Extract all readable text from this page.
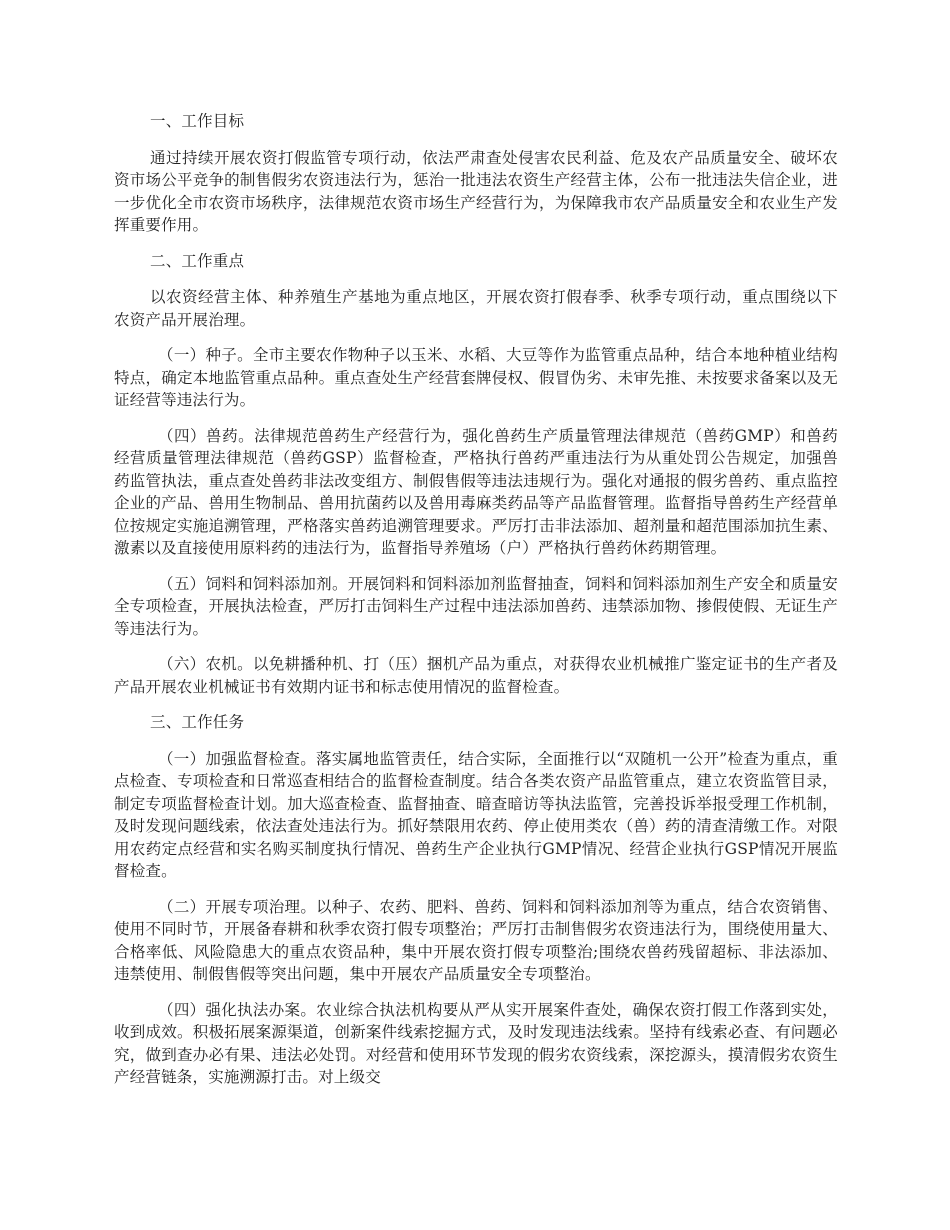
一、工作目标

通过持续开展农资打假监管专项行动，依法严肃查处侵害农民利益、危及农产品质量安全、破坏农资市场公平竞争的制售假劣农资违法行为，惩治一批违法农资生产经营主体，公布一批违法失信企业，进一步优化全市农资市场秩序，法律规范农资市场生产经营行为，为保障我市农产品质量安全和农业生产发挥重要作用。

二、工作重点

以农资经营主体、种养殖生产基地为重点地区，开展农资打假春季、秋季专项行动，重点围绕以下农资产品开展治理。

（一）种子。全市主要农作物种子以玉米、水稻、大豆等作为监管重点品种，结合本地种植业结构特点，确定本地监管重点品种。重点查处生产经营套牌侵权、假冒伪劣、未审先推、未按要求备案以及无证经营等违法行为。

（四）兽药。法律规范兽药生产经营行为，强化兽药生产质量管理法律规范（兽药GMP）和兽药经营质量管理法律规范（兽药GSP）监督检查，严格执行兽药严重违法行为从重处罚公告规定，加强兽药监管执法，重点查处兽药非法改变组方、制假售假等违法违规行为。强化对通报的假劣兽药、重点监控企业的产品、兽用生物制品、兽用抗菌药以及兽用毒麻类药品等产品监督管理。监督指导兽药生产经营单位按规定实施追溯管理，严格落实兽药追溯管理要求。严厉打击非法添加、超剂量和超范围添加抗生素、激素以及直接使用原料药的违法行为，监督指导养殖场（户）严格执行兽药休药期管理。

（五）饲料和饲料添加剂。开展饲料和饲料添加剂监督抽查，饲料和饲料添加剂生产安全和质量安全专项检查，开展执法检查，严厉打击饲料生产过程中违法添加兽药、违禁添加物、掺假使假、无证生产等违法行为。

（六）农机。以免耕播种机、打（压）捆机产品为重点，对获得农业机械推广鉴定证书的生产者及产品开展农业机械证书有效期内证书和标志使用情况的监督检查。

三、工作任务

（一）加强监督检查。落实属地监管责任，结合实际，全面推行以“双随机一公开”检查为重点，重点检查、专项检查和日常巡查相结合的监督检查制度。结合各类农资产品监管重点，建立农资监管目录，制定专项监督检查计划。加大巡查检查、监督抽查、暗查暗访等执法监管，完善投诉举报受理工作机制，及时发现问题线索，依法查处违法行为。抓好禁限用农药、停止使用类农（兽）药的清查清缴工作。对限用农药定点经营和实名购买制度执行情况、兽药生产企业执行GMP情况、经营企业执行GSP情况开展监督检查。

（二）开展专项治理。以种子、农药、肥料、兽药、饲料和饲料添加剂等为重点，结合农资销售、使用不同时节，开展备春耕和秋季农资打假专项整治；严厉打击制售假劣农资违法行为，围绕使用量大、合格率低、风险隐患大的重点农资品种，集中开展农资打假专项整治;围绕农兽药残留超标、非法添加、违禁使用、制假售假等突出问题，集中开展农产品质量安全专项整治。

（四）强化执法办案。农业综合执法机构要从严从实开展案件查处，确保农资打假工作落到实处，收到成效。积极拓展案源渠道，创新案件线索挖掘方式，及时发现违法线索。坚持有线索必查、有问题必究，做到查办必有果、违法必处罚。对经营和使用环节发现的假劣农资线索，深挖源头，摸清假劣农资生产经营链条，实施溯源打击。对上级交
